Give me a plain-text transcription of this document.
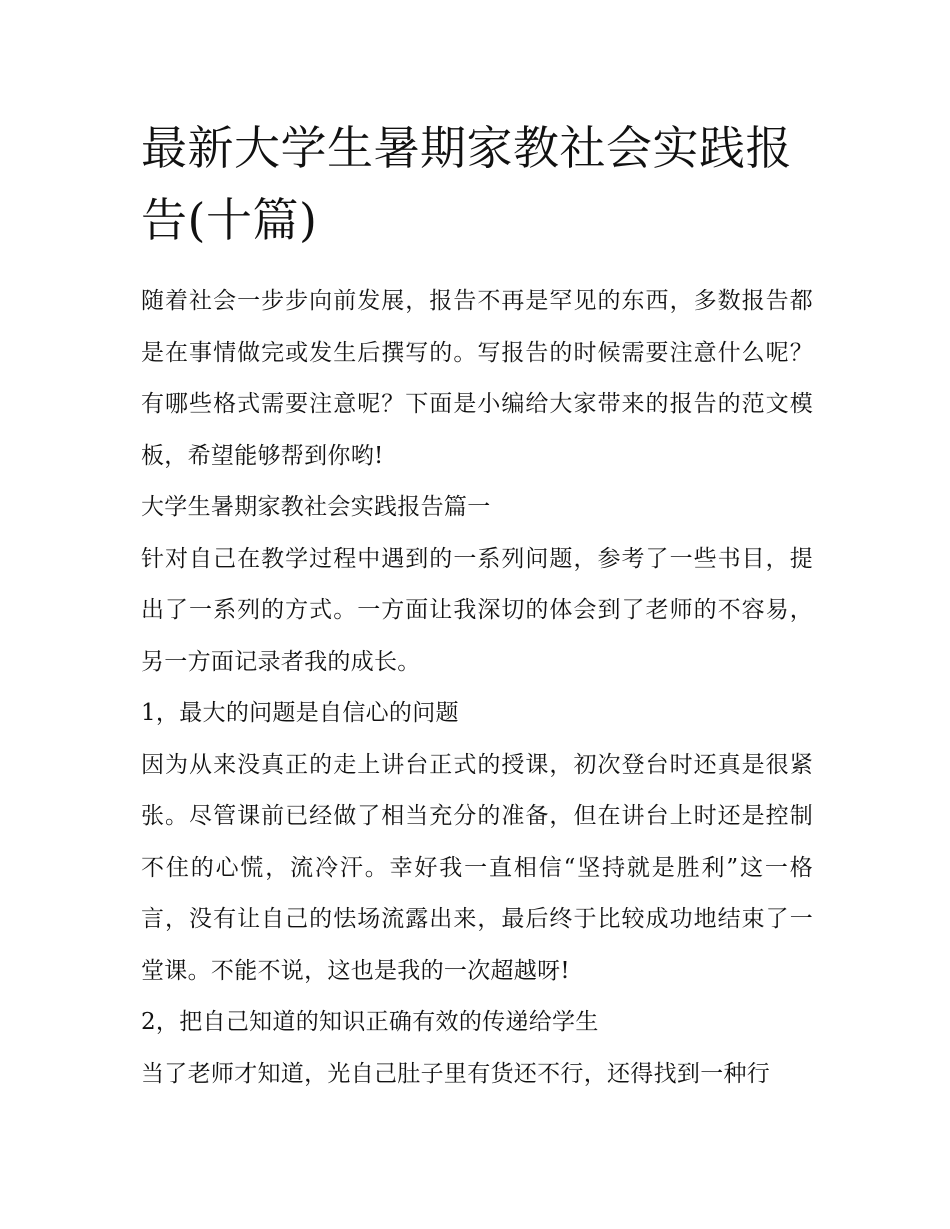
最新大学生暑期家教社会实践报告(十篇)

随着社会一步步向前发展，报告不再是罕见的东西，多数报告都是在事情做完或发生后撰写的。写报告的时候需要注意什么呢？有哪些格式需要注意呢？下面是小编给大家带来的报告的范文模板，希望能够帮到你哟!

大学生暑期家教社会实践报告篇一

针对自己在教学过程中遇到的一系列问题，参考了一些书目，提出了一系列的方式。一方面让我深切的体会到了老师的不容易，另一方面记录者我的成长。

1，最大的问题是自信心的问题

因为从来没真正的走上讲台正式的授课，初次登台时还真是很紧张。尽管课前已经做了相当充分的准备，但在讲台上时还是控制不住的心慌，流冷汗。幸好我一直相信“坚持就是胜利”这一格言，没有让自己的怯场流露出来，最后终于比较成功地结束了一堂课。不能不说，这也是我的一次超越呀!

2，把自己知道的知识正确有效的传递给学生

当了老师才知道，光自己肚子里有货还不行，还得找到一种行
